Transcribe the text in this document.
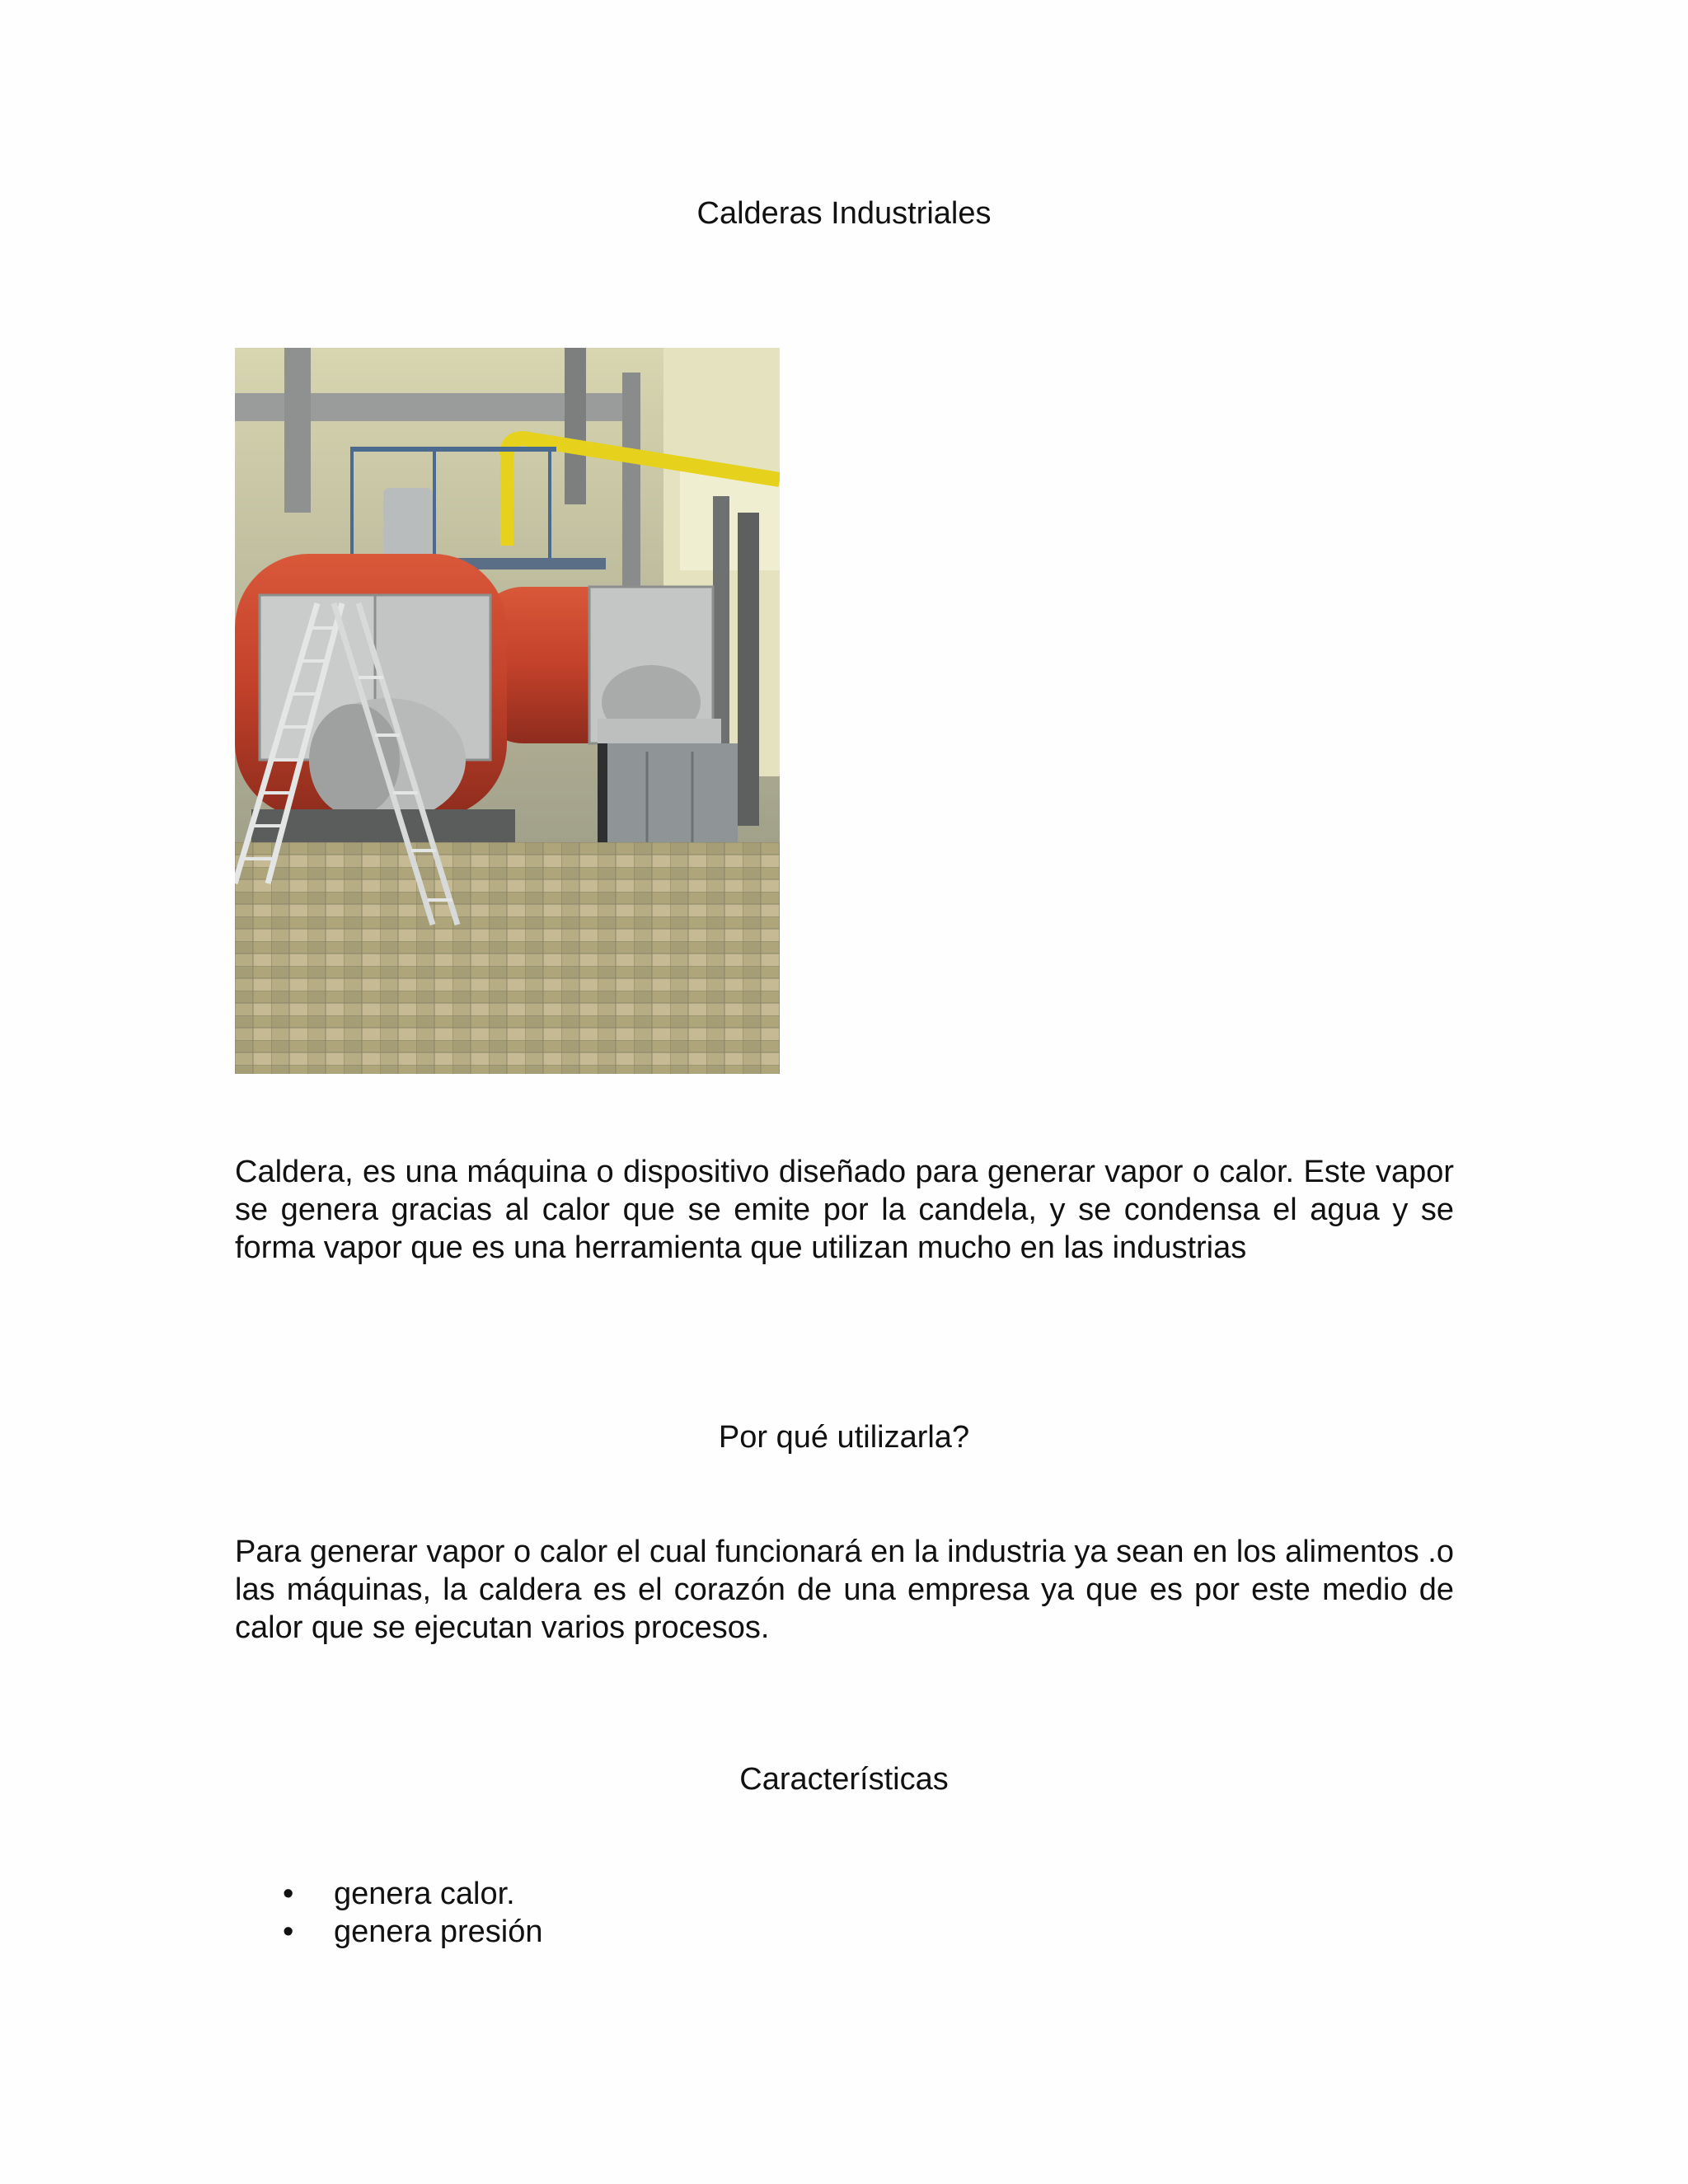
Calderas Industriales

Caldera, es una máquina o dispositivo diseñado para generar vapor o calor. Este vapor se genera gracias al calor que se emite por la candela, y se condensa el agua y se forma vapor que es una herramienta que utilizan mucho en las industrias

Por qué utilizarla?

Para generar vapor o calor el cual funcionará en la industria ya sean en los alimentos .o las máquinas, la caldera es el corazón de una empresa ya que es por este medio de calor que se ejecutan varios procesos.

Características
• genera calor.
• genera presión
